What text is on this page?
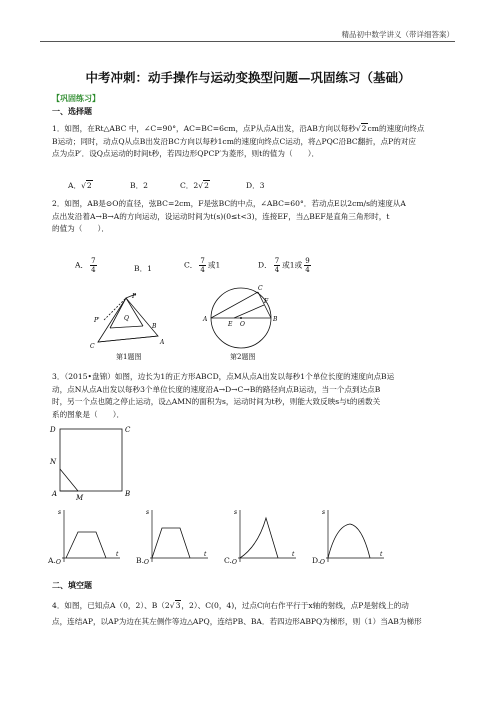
精品初中数学讲义（带详细答案）
中考冲刺：动手操作与运动变换型问题—巩固练习（基础）
【巩固练习】
一、选择题
1．如图，在Rt△ABC 中，∠C=90°，AC=BC=6cm，点P从点A出发，沿AB方向以每秒√2cm的速度向终点
B运动；同时，动点Q从点B出发沿BC方向以每秒1cm的速度向终点C运动，将△PQC沿BC翻折，点P的对应
点为点P′．设Q点运动的时间t秒，若四边形QPCP′为菱形，则t的值为（　　）．
A．√2	B．2	C．2√2	D．3
2．如图，AB是⊙O的直径，弦BC=2cm，F是弦BC的中点，∠ABC=60°．若动点E以2cm/s的速度从A
点出发沿着A→B→A的方向运动，设运动时间为t(s)(0≤t<3)，连接EF，当△BEF是直角三角形时，t
的值为（　　）．
A． $\frac{7}{4}$	B．1	C． $\frac{7}{4}$ 或1	D． $\frac{7}{4}$ 或1或 $\frac{9}{4}$
P
P'
B
C
A
Q
第1题图
A	B
C
E O
F
第2题图
3．（2015•盘锦）如图，边长为1的正方形ABCD，点M从点A出发以每秒1个单位长度的速度向点B运
动，点N从点A出发以每秒3个单位长度的速度沿A→D→C→B的路径向点B运动，当一个点到达点B
时，另一个点也随之停止运动，设△AMN的面积为s，运动时间为t秒，则能大致反映s与t的函数关
系的图象是（　　）．
D	C
N
A	M	B
s
t
O
A.
s
t
O
B.
s
t
O
C.
s
t
O
D.
二、填空题
4．如图，已知点A（0，2）、B（2√3，2）、C(0，4)，过点C向右作平行于x轴的射线，点P是射线上的动
点，连结AP，以AP为边在其左侧作等边△APQ，连结PB、BA．若四边形ABPQ为梯形，则（1）当AB为梯形
